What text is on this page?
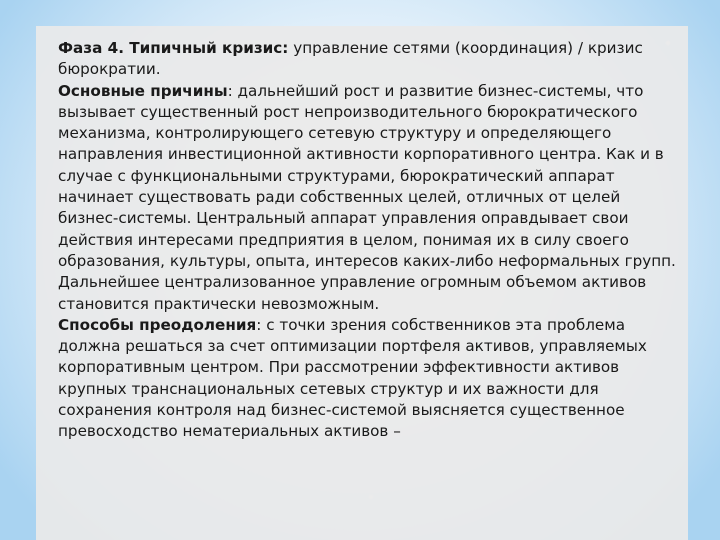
Фаза 4. Типичный кризис: управление сетями (координация) / кризис бюрократии.

Основные причины: дальнейший рост и развитие бизнес-системы, что вызывает существенный рост непроизводительного бюрократического механизма, контролирующего сетевую структуру и определяющего направления инвестиционной активности корпоративного центра. Как и в случае с функциональными структурами, бюрократический аппарат начинает существовать ради собственных целей, отличных от целей бизнес-системы. Центральный аппарат управления оправдывает свои действия интересами предприятия в целом, понимая их в силу своего образования, культуры, опыта, интересов каких-либо неформальных групп. Дальнейшее централизованное управление огромным объемом активов становится практически невозможным.

Способы преодоления: с точки зрения собственников эта проблема должна решаться за счет оптимизации портфеля активов, управляемых корпоративным центром. При рассмотрении эффективности активов крупных транснациональных сетевых структур и их важности для сохранения контроля над бизнес-системой выясняется существенное превосходство нематериальных активов –
